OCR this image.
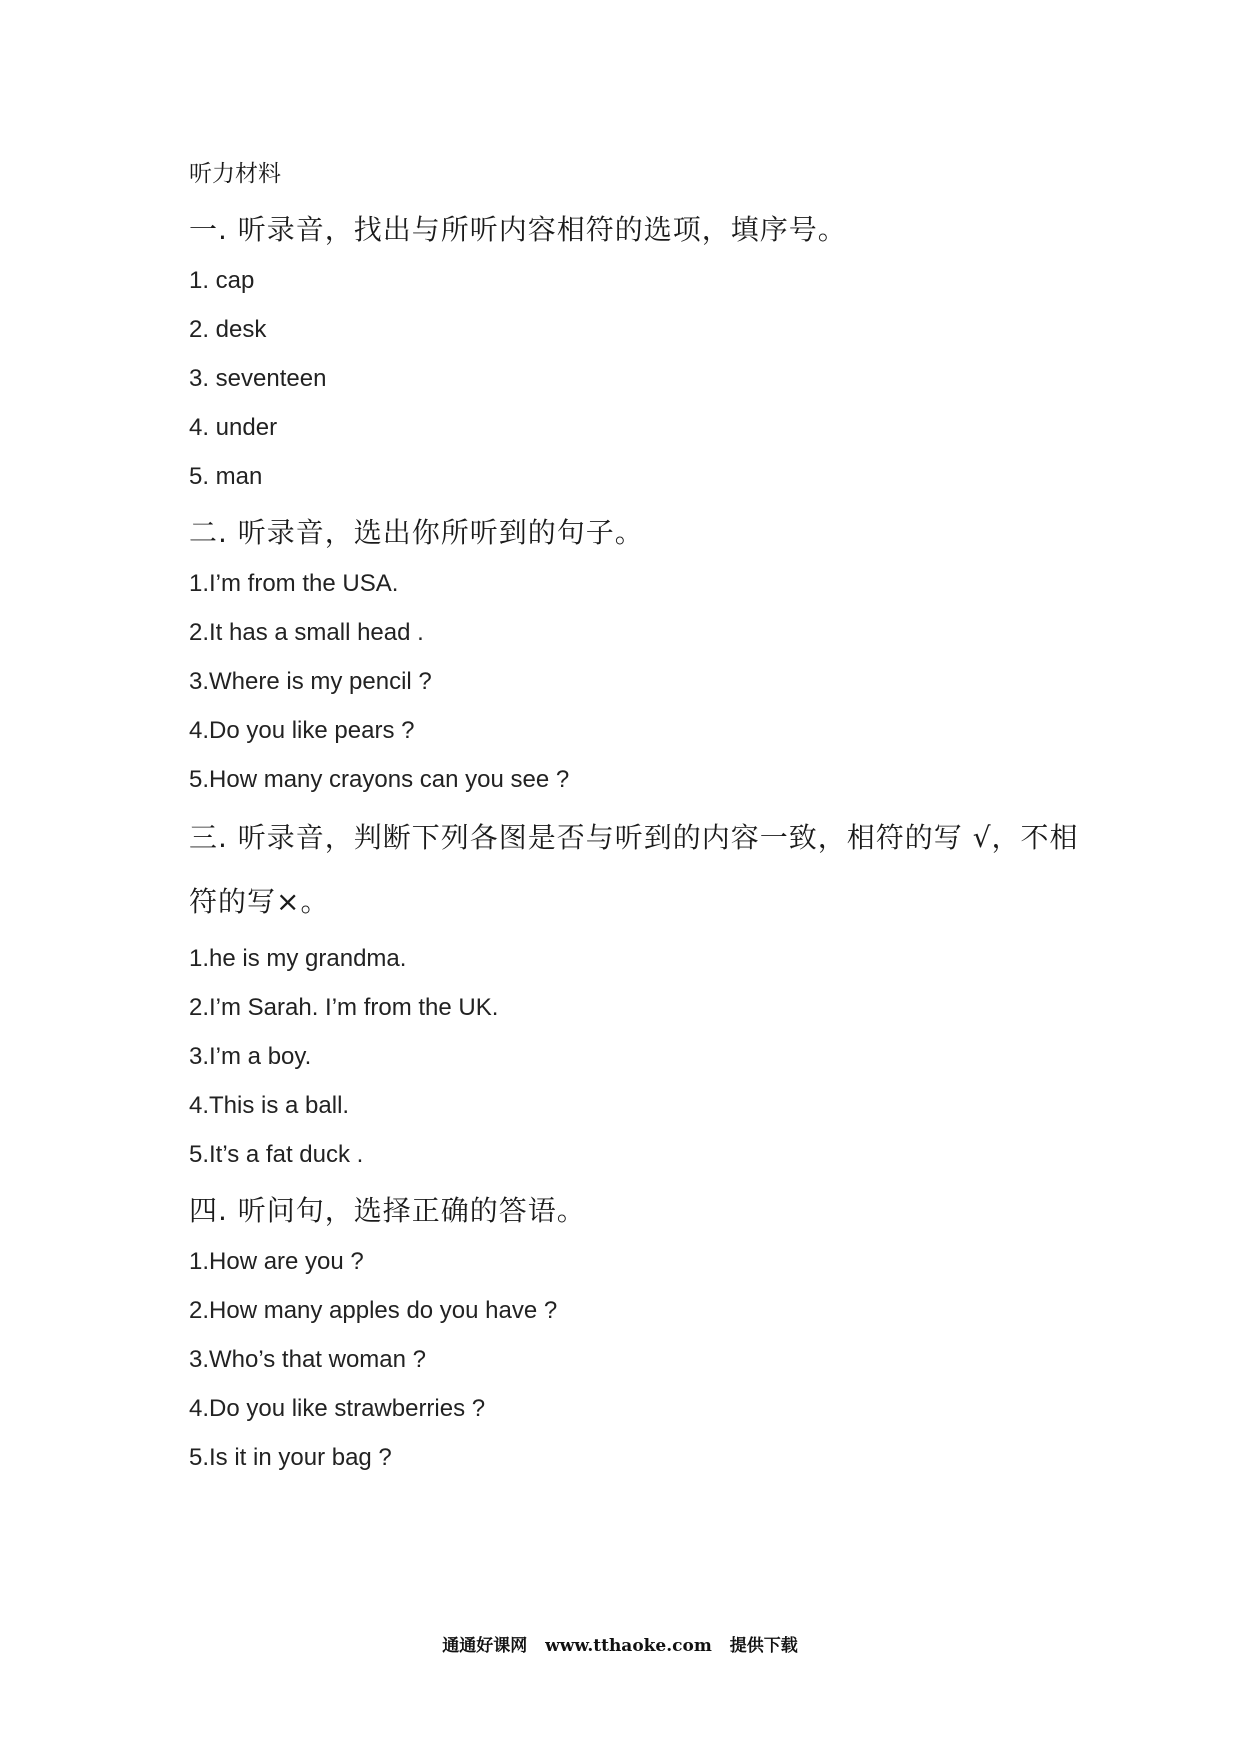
听力材料
一. 听录音，找出与所听内容相符的选项，填序号。
1. cap
2. desk
3. seventeen
4. under
5. man
二. 听录音，选出你所听到的句子。
1.I’m from the USA.
2.It has a small head .
3.Where is my pencil ?
4.Do you like pears ?
5.How many crayons can you see ?
三. 听录音，判断下列各图是否与听到的内容一致，相符的写 √，不相符的写×。
1.he is my grandma.
2.I’m Sarah. I’m from the UK.
3.I’m a boy.
4.This is a ball.
5.It’s a fat duck .
四. 听问句，选择正确的答语。
1.How are you ?
2.How many apples do you have ?
3.Who’s that woman ?
4.Do you like strawberries ?
5.Is it in your bag ?
通通好课网 www.tthaoke.com 提供下载
